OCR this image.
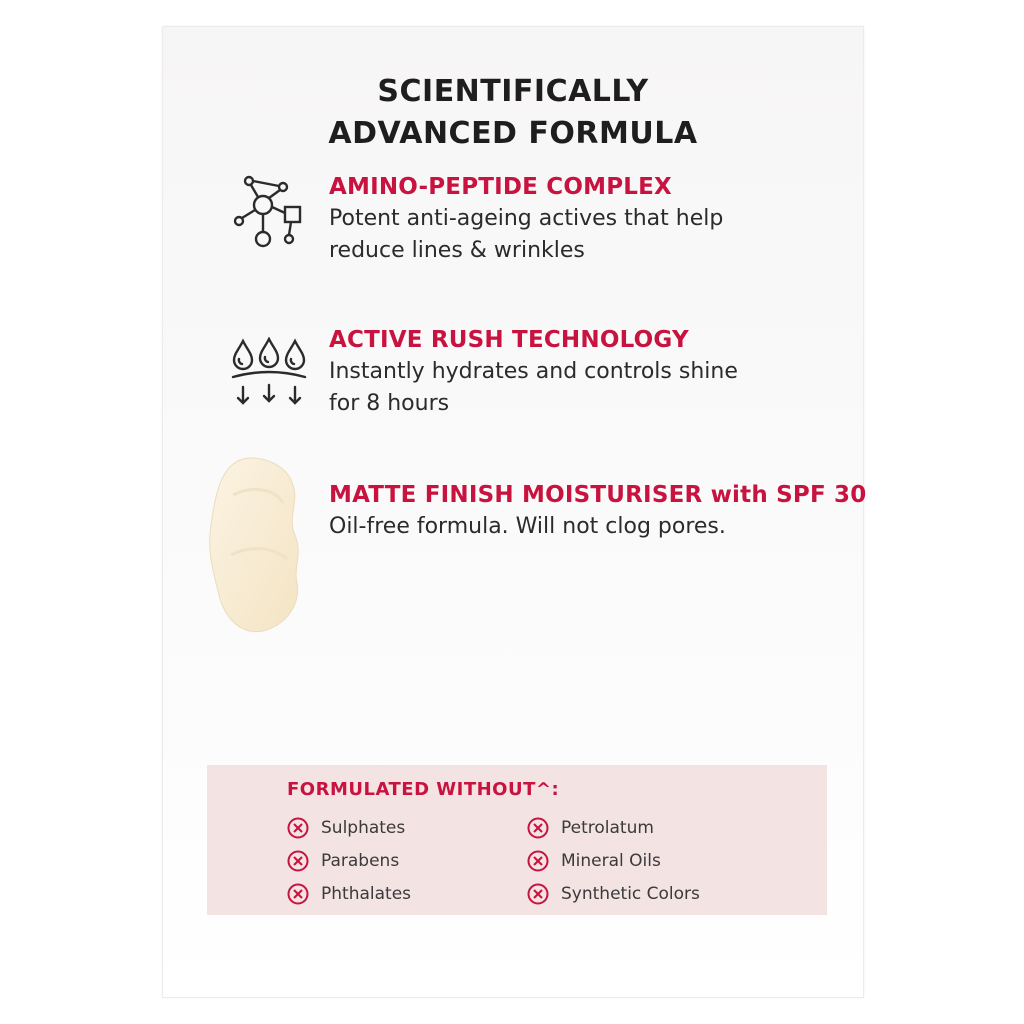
SCIENTIFICALLY
ADVANCED FORMULA
AMINO-PEPTIDE COMPLEX

Potent anti-ageing actives that help

reduce lines & wrinkles

ACTIVE RUSH TECHNOLOGY

Instantly hydrates and controls shine

for 8 hours

MATTE FINISH MOISTURISER with SPF 30

Oil-free formula. Will not clog pores.

FORMULATED WITHOUT^:
Sulphates
Parabens
Phthalates
Petrolatum
Mineral Oils
Synthetic Colors
